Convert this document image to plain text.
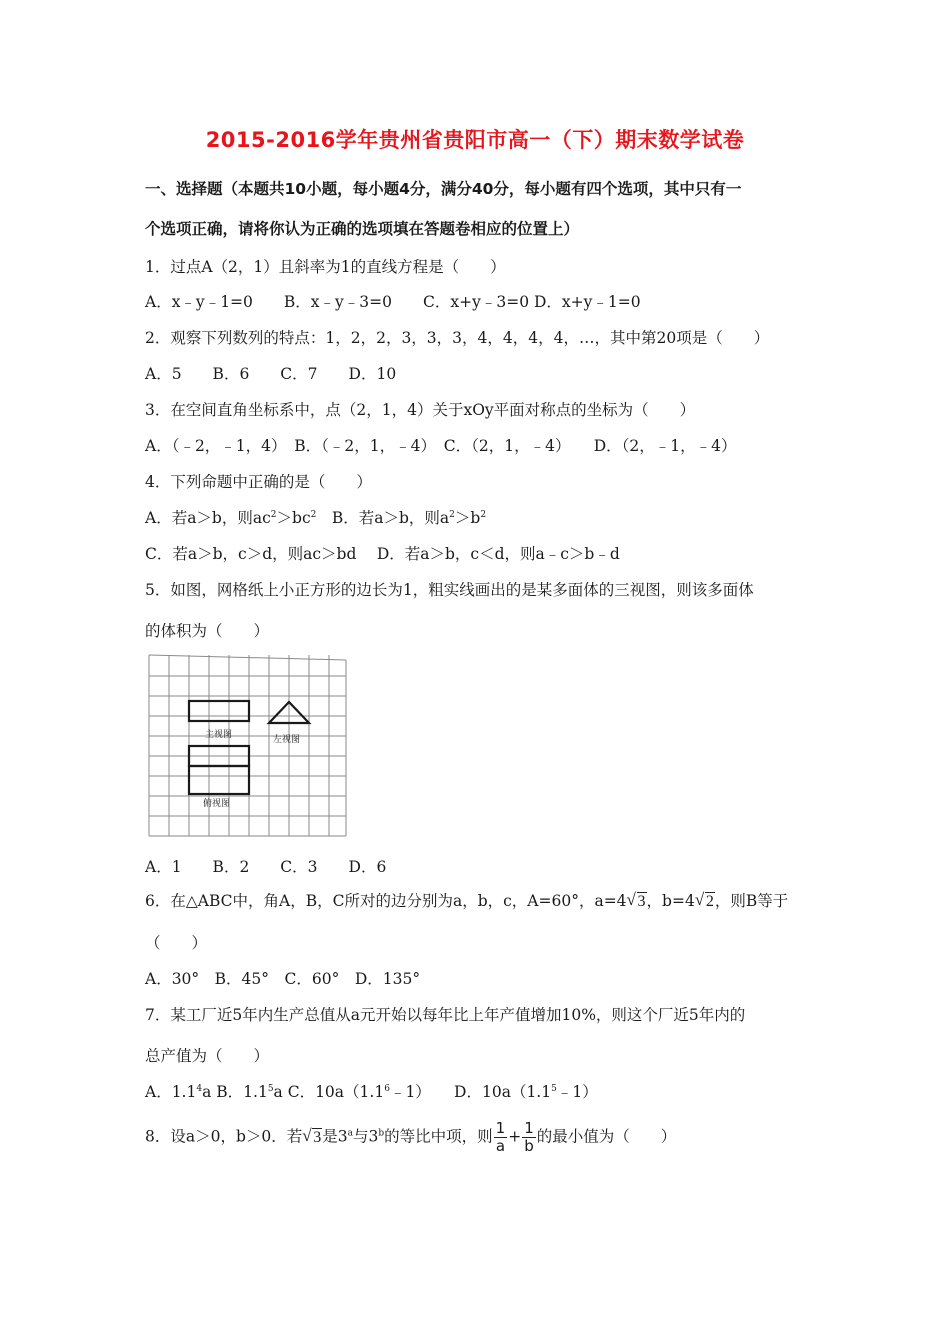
2015-2016学年贵州省贵阳市高一（下）期末数学试卷
一、选择题（本题共10小题，每小题4分，满分40分，每小题有四个选项，其中只有一
个选项正确，请将你认为正确的选项填在答题卷相应的位置上）
1．过点A（2，1）且斜率为1的直线方程是（　　）
A．x﹣y﹣1=0　　B．x﹣y﹣3=0　　C．x+y﹣3=0 D．x+y﹣1=0
2．观察下列数列的特点：1，2，2，3，3，3，4，4，4，4，…，其中第20项是（　　）
A．5　　B．6　　C．7　　D．10
3．在空间直角坐标系中，点（2，1，4）关于xOy平面对称点的坐标为（　　）
A．（﹣2，﹣1，4）　B．（﹣2，1，﹣4）　C．（2，1，﹣4）　　D．（2，﹣1，﹣4）
4．下列命题中正确的是（　　）
A．若a＞b，则$ac^2>bc^2$　B．若a＞b，则$a^2>b^2$
C．若a＞b，c＞d，则ac＞bd　 D．若a＞b，c＜d，则a﹣c＞b﹣d
5．如图，网格纸上小正方形的边长为1，粗实线画出的是某多面体的三视图，则该多面体
的体积为（　　）
主视图	左视图
俯视图
A．1　　B．2　　C．3　　D．6
6．在△ABC中，角A，B，C所对的边分别为a，b，c，A=60°，a=4 √ 3，b=4 √ 2，则B等于
（　　）
A．30°　B．45°　C．60°　D．135°
7．某工厂近5年内生产总值从a元开始以每年比上年产值增加10%，则这个厂近5年内的
总产值为（　　）
A．$1.1^4a$ B．$1.1^5a$ C．$10a(1.1^6﹣1)$　　D．$10a(1.1^5﹣1)$
8．设a＞0，b＞0．若 √ 3是3$^a$与3$^b$的等比中项，则 $\frac{1}{a} + \frac{1}{b}$ 的最小值为（　　）
